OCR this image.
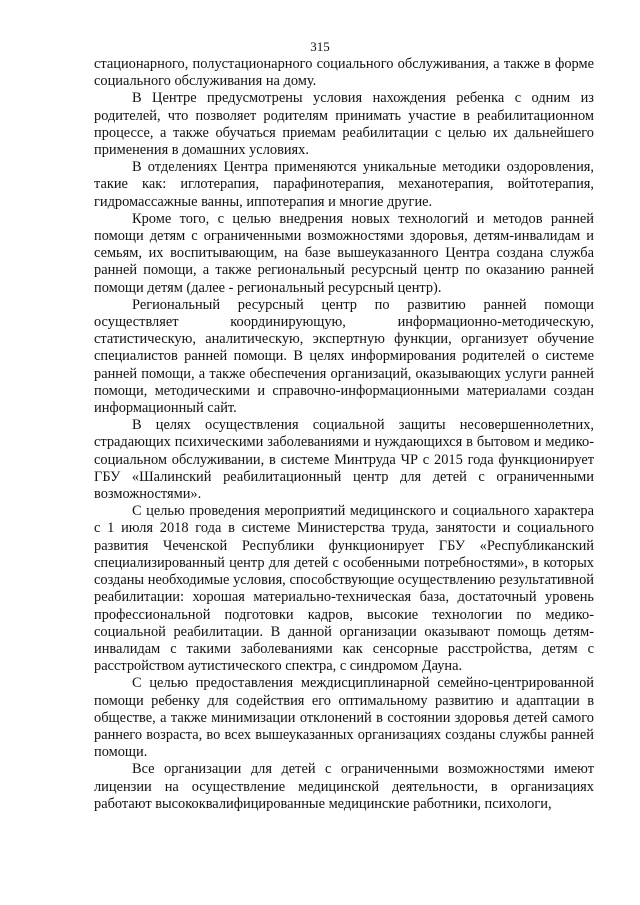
315

стационарного, полустационарного социального обслуживания, а также в форме социального обслуживания на дому.

В Центре предусмотрены условия нахождения ребенка с одним из родителей, что позволяет родителям принимать участие в реабилитационном процессе, а также обучаться приемам реабилитации с целью их дальнейшего применения в домашних условиях.

В отделениях Центра применяются уникальные методики оздоровления, такие как: иглотерапия, парафинотерапия, механотерапия, войтотерапия, гидромассажные ванны, иппотерапия и многие другие.

Кроме того, с целью внедрения новых технологий и методов ранней помощи детям с ограниченными возможностями здоровья, детям-инвалидам и семьям, их воспитывающим, на базе вышеуказанного Центра создана служба ранней помощи, а также региональный ресурсный центр по оказанию ранней помощи детям (далее - региональный ресурсный центр).

Региональный ресурсный центр по развитию ранней помощи осуществляет координирующую, информационно-методическую, статистическую, аналитическую, экспертную функции, организует обучение специалистов ранней помощи. В целях информирования родителей о системе ранней помощи, а также обеспечения организаций, оказывающих услуги ранней помощи, методическими и справочно-информационными материалами создан информационный сайт.

В целях осуществления социальной защиты несовершеннолетних, страдающих психическими заболеваниями и нуждающихся в бытовом и медико-социальном обслуживании, в системе Минтруда ЧР с 2015 года функционирует ГБУ «Шалинский реабилитационный центр для детей с ограниченными возможностями».

С целью проведения мероприятий медицинского и социального характера с 1 июля 2018 года в системе Министерства труда, занятости и социального развития Чеченской Республики функционирует ГБУ «Республиканский специализированный центр для детей с особенными потребностями», в которых созданы необходимые условия, способствующие осуществлению результативной реабилитации: хорошая материально-техническая база, достаточный уровень профессиональной подготовки кадров, высокие технологии по медико-социальной реабилитации. В данной организации оказывают помощь детям-инвалидам с такими заболеваниями как сенсорные расстройства, детям с расстройством аутистического спектра, с синдромом Дауна.

С целью предоставления междисциплинарной семейно-центрированной помощи ребенку для содействия его оптимальному развитию и адаптации в обществе, а также минимизации отклонений в состоянии здоровья детей самого раннего возраста, во всех вышеуказанных организациях созданы службы ранней помощи.

Все организации для детей с ограниченными возможностями имеют лицензии на осуществление медицинской деятельности, в организациях работают высококвалифицированные медицинские работники, психологи,
